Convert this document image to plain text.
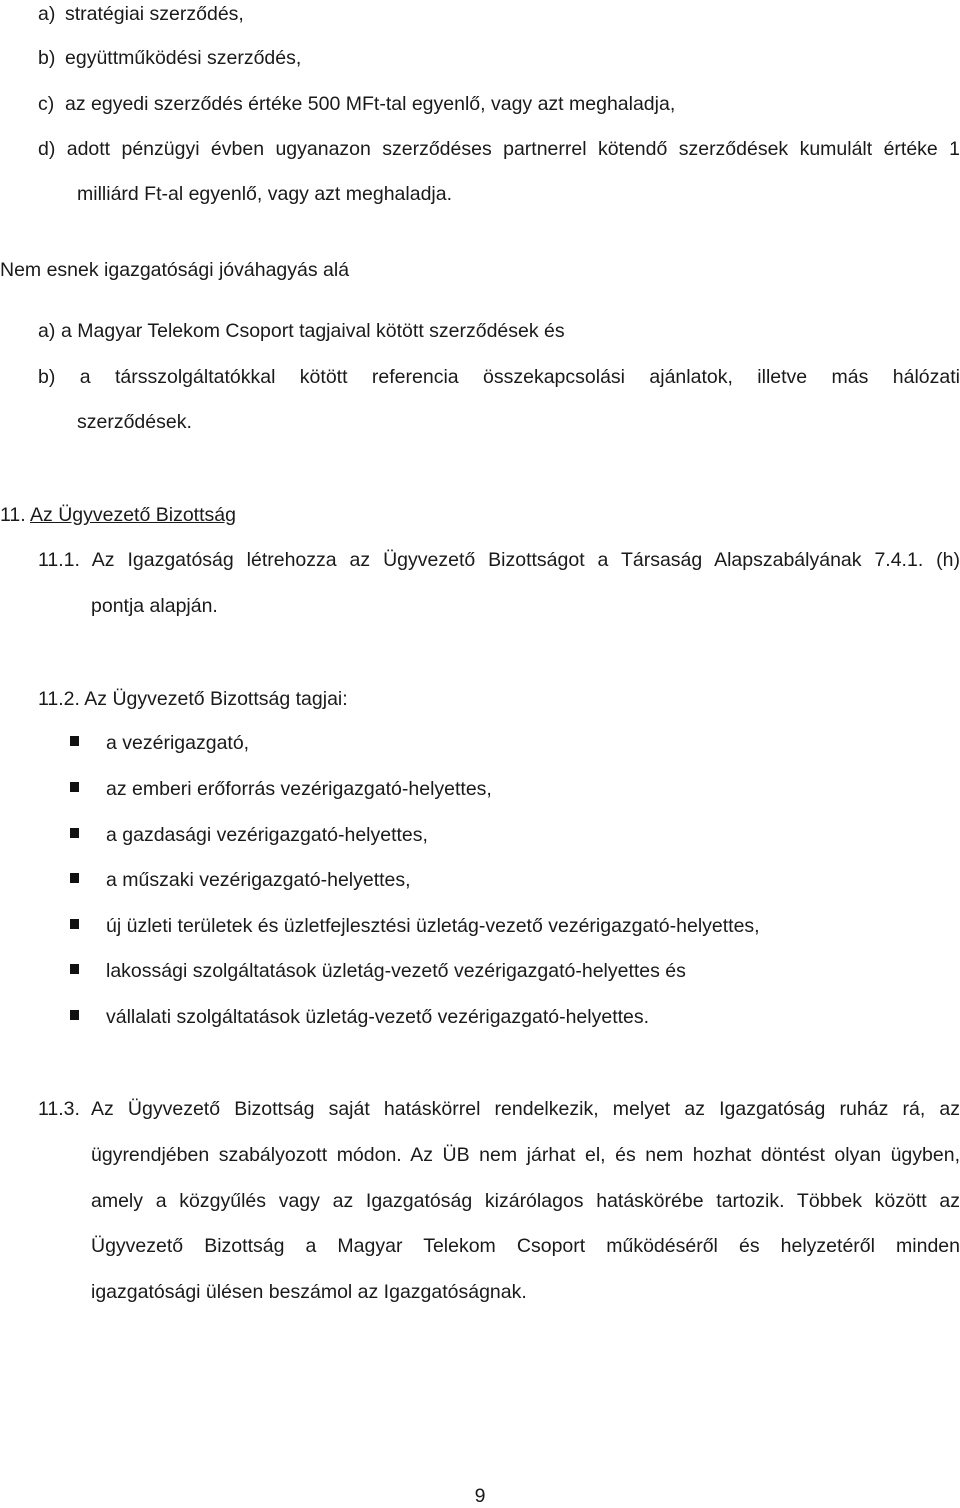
a) stratégiai szerződés,
b) együttműködési szerződés,
c) az egyedi szerződés értéke 500 MFt-tal egyenlő, vagy azt meghaladja,
d) adott pénzügyi évben ugyanazon szerződéses partnerrel kötendő szerződések kumulált értéke 1
milliárd Ft-al egyenlő, vagy azt meghaladja.
Nem esnek igazgatósági jóváhagyás alá
a) a Magyar Telekom Csoport tagjaival kötött szerződések és
b) a társszolgáltatókkal kötött referencia összekapcsolási ajánlatok, illetve más hálózati
szerződések.
11. Az Ügyvezető Bizottság
11.1. Az Igazgatóság létrehozza az Ügyvezető Bizottságot a Társaság Alapszabályának 7.4.1. (h)
pontja alapján.
11.2. Az Ügyvezető Bizottság tagjai:
a vezérigazgató,
az emberi erőforrás vezérigazgató-helyettes,
a gazdasági vezérigazgató-helyettes,
a műszaki vezérigazgató-helyettes,
új üzleti területek és üzletfejlesztési üzletág-vezető vezérigazgató-helyettes,
lakossági szolgáltatások üzletág-vezető vezérigazgató-helyettes és
vállalati szolgáltatások üzletág-vezető vezérigazgató-helyettes.
11.3. Az Ügyvezető Bizottság saját hatáskörrel rendelkezik, melyet az Igazgatóság ruház rá, az
ügyrendjében szabályozott módon. Az ÜB nem járhat el, és nem hozhat döntést olyan ügyben,
amely a közgyűlés vagy az Igazgatóság kizárólagos hatáskörébe tartozik. Többek között az
Ügyvezető Bizottság a Magyar Telekom Csoport működéséről és helyzetéről minden
igazgatósági ülésen beszámol az Igazgatóságnak.
9
